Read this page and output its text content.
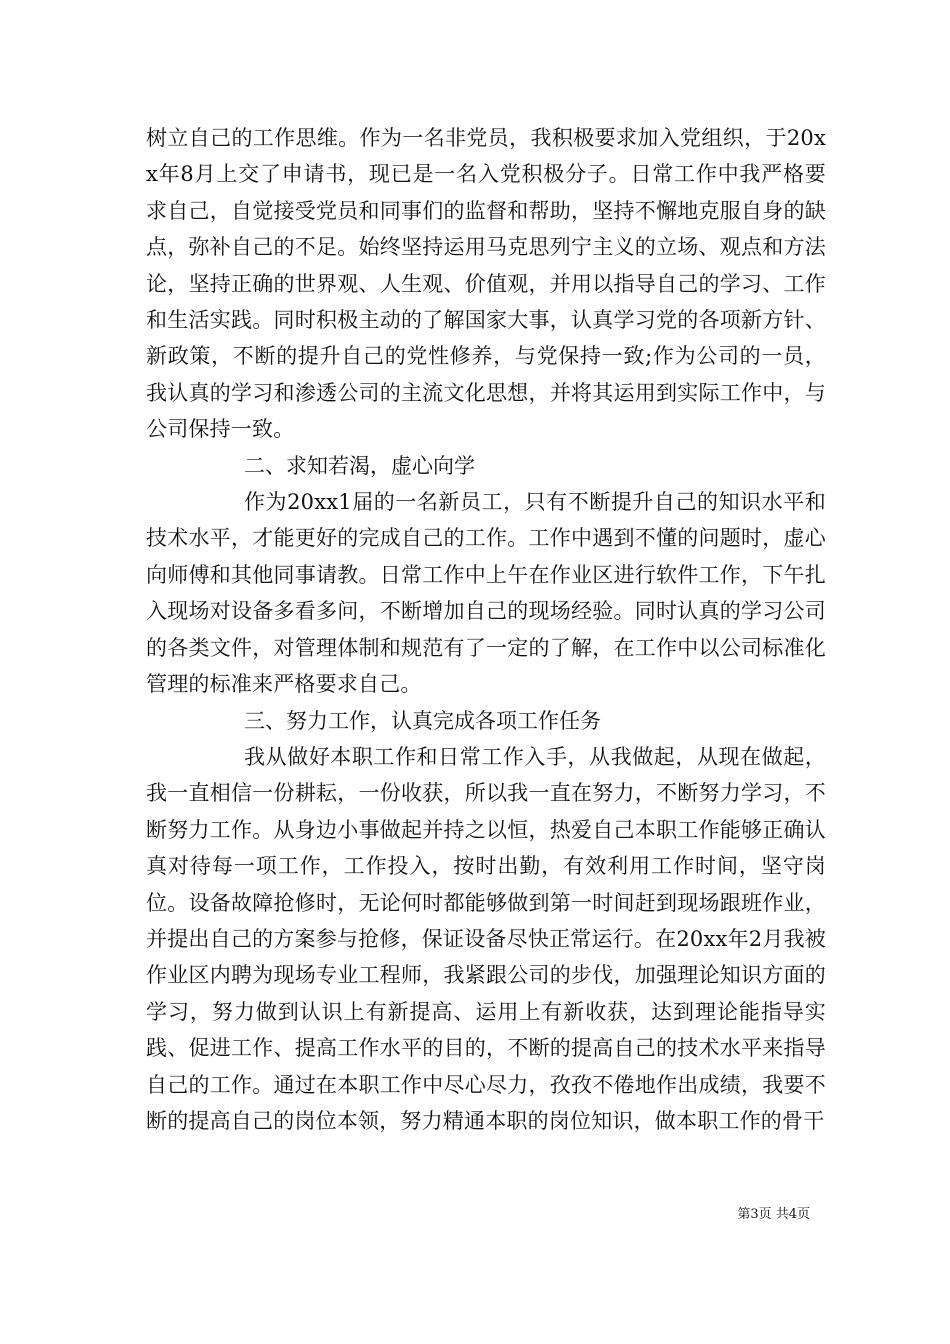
树立自己的工作思维。作为一名非党员，我积极要求加入党组织，于20xx年8月上交了申请书，现已是一名入党积极分子。日常工作中我严格要求自己，自觉接受党员和同事们的监督和帮助，坚持不懈地克服自身的缺点，弥补自己的不足。始终坚持运用马克思列宁主义的立场、观点和方法论，坚持正确的世界观、人生观、价值观，并用以指导自己的学习、工作和生活实践。同时积极主动的了解国家大事，认真学习党的各项新方针、新政策，不断的提升自己的党性修养，与党保持一致;作为公司的一员，我认真的学习和渗透公司的主流文化思想，并将其运用到实际工作中，与公司保持一致。

二、求知若渴，虚心向学

作为20xx1届的一名新员工，只有不断提升自己的知识水平和技术水平，才能更好的完成自己的工作。工作中遇到不懂的问题时，虚心向师傅和其他同事请教。日常工作中上午在作业区进行软件工作，下午扎入现场对设备多看多问，不断增加自己的现场经验。同时认真的学习公司的各类文件，对管理体制和规范有了一定的了解，在工作中以公司标准化管理的标准来严格要求自己。

三、努力工作，认真完成各项工作任务

我从做好本职工作和日常工作入手，从我做起，从现在做起，我一直相信一份耕耘，一份收获，所以我一直在努力，不断努力学习，不断努力工作。从身边小事做起并持之以恒，热爱自己本职工作能够正确认真对待每一项工作，工作投入，按时出勤，有效利用工作时间，坚守岗位。设备故障抢修时，无论何时都能够做到第一时间赶到现场跟班作业，并提出自己的方案参与抢修，保证设备尽快正常运行。在20xx年2月我被作业区内聘为现场专业工程师，我紧跟公司的步伐，加强理论知识方面的学习，努力做到认识上有新提高、运用上有新收获，达到理论能指导实践、促进工作、提高工作水平的目的，不断的提高自己的技术水平来指导自己的工作。通过在本职工作中尽心尽力，孜孜不倦地作出成绩，我要不断的提高自己的岗位本领，努力精通本职的岗位知识，做本职工作的骨干

第3页 共4页
